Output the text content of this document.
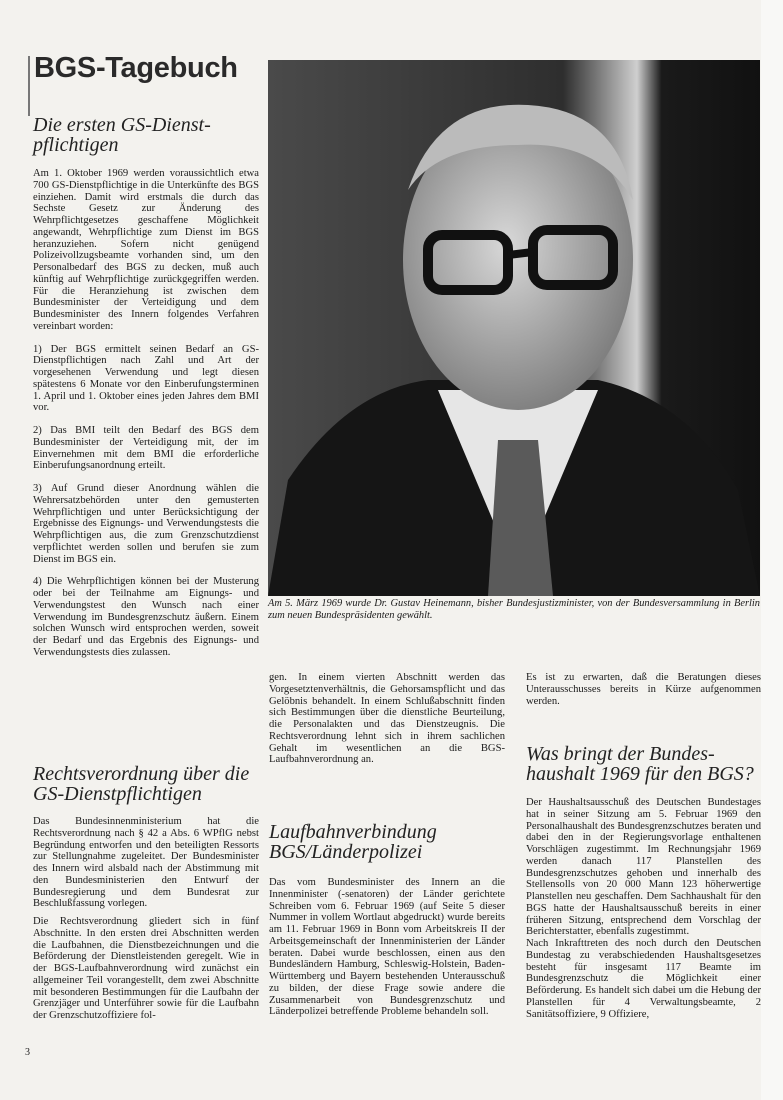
BGS-Tagebuch
Die ersten GS-Dienst-pflichtigen

Am 1. Oktober 1969 werden voraussichtlich etwa 700 GS-Dienstpflichtige in die Unterkünfte des BGS einziehen. Damit wird erstmals die durch das Sechste Gesetz zur Änderung des Wehrpflichtgesetzes geschaffene Möglichkeit angewandt, Wehrpflichtige zum Dienst im BGS heranzuziehen. Sofern nicht genügend Polizeivollzugsbeamte vorhanden sind, um den Personalbedarf des BGS zu decken, muß auch künftig auf Wehrpflichtige zurückgegriffen werden. Für die Heranziehung ist zwischen dem Bundesminister der Verteidigung und dem Bundesminister des Innern folgendes Verfahren vereinbart worden:

1) Der BGS ermittelt seinen Bedarf an GS-Dienstpflichtigen nach Zahl und Art der vorgesehenen Verwendung und legt diesen spätestens 6 Monate vor den Einberufungsterminen 1. April und 1. Oktober eines jeden Jahres dem BMI vor.

2) Das BMI teilt den Bedarf des BGS dem Bundesminister der Verteidigung mit, der im Einvernehmen mit dem BMI die erforderliche Einberufungsanordnung erteilt.

3) Auf Grund dieser Anordnung wählen die Wehrersatzbehörden unter den gemusterten Wehrpflichtigen und unter Berücksichtigung der Ergebnisse des Eignungs- und Verwendungstests die Wehrpflichtigen aus, die zum Grenzschutzdienst verpflichtet werden sollen und berufen sie zum Dienst im BGS ein.

4) Die Wehrpflichtigen können bei der Musterung oder bei der Teilnahme am Eignungs- und Verwendungstest den Wunsch nach einer Verwendung im Bundesgrenzschutz äußern. Einem solchen Wunsch wird entsprochen werden, soweit der Bedarf und das Ergebnis des Eignungs- und Verwendungstests dies zulassen.

Rechtsverordnung über die GS-Dienstpflichtigen

Das Bundesinnenministerium hat die Rechtsverordnung nach § 42 a Abs. 6 WPflG nebst Begründung entworfen und den beteiligten Ressorts zur Stellungnahme zugeleitet. Der Bundesminister des Innern wird alsbald nach der Abstimmung mit den Bundesministerien den Entwurf der Bundesregierung und dem Bundesrat zur Beschlußfassung vorlegen.

Die Rechtsverordnung gliedert sich in fünf Abschnitte. In den ersten drei Abschnitten werden die Laufbahnen, die Dienstbezeichnungen und die Beförderung der Dienstleistenden geregelt. Wie in der BGS-Laufbahnverordnung wird zunächst ein allgemeiner Teil vorangestellt, dem zwei Abschnitte mit besonderen Bestimmungen für die Laufbahn der Grenzjäger und Unterführer sowie für die Laufbahn der Grenzschutzoffiziere fol-

Am 5. März 1969 wurde Dr. Gustav Heinemann, bisher Bundesjustizminister, von der Bundesversammlung in Berlin zum neuen Bundespräsidenten gewählt.

gen. In einem vierten Abschnitt werden das Vorgesetztenverhältnis, die Gehorsamspflicht und das Gelöbnis behandelt. In einem Schlußabschnitt finden sich Bestimmungen über die dienstliche Beurteilung, die Personalakten und das Dienstzeugnis. Die Rechtsverordnung lehnt sich in ihrem sachlichen Gehalt im wesentlichen an die BGS-Laufbahnverordnung an.

Laufbahnverbindung BGS/Länderpolizei

Das vom Bundesminister des Innern an die Innenminister (-senatoren) der Länder gerichtete Schreiben vom 6. Februar 1969 (auf Seite 5 dieser Nummer in vollem Wortlaut abgedruckt) wurde bereits am 11. Februar 1969 in Bonn vom Arbeitskreis II der Arbeitsgemeinschaft der Innenministerien der Länder beraten. Dabei wurde beschlossen, einen aus den Bundesländern Hamburg, Schleswig-Holstein, Baden-Württemberg und Bayern bestehenden Unterausschuß zu bilden, der diese Frage sowie andere die Zusammenarbeit von Bundesgrenzschutz und Länderpolizei betreffende Probleme behandeln soll.

Es ist zu erwarten, daß die Beratungen dieses Unterausschusses bereits in Kürze aufgenommen werden.

Was bringt der Bundes-haushalt 1969 für den BGS?

Der Haushaltsausschuß des Deutschen Bundestages hat in seiner Sitzung am 5. Februar 1969 den Personalhaushalt des Bundesgrenzschutzes beraten und dabei den in der Regierungsvorlage enthaltenen Vorschlägen zugestimmt. Im Rechnungsjahr 1969 werden danach 117 Planstellen des Bundesgrenzschutzes gehoben und innerhalb des Stellensolls von 20 000 Mann 123 höherwertige Planstellen neu geschaffen. Dem Sachhaushalt für den BGS hatte der Haushaltsausschuß bereits in einer früheren Sitzung, entsprechend dem Vorschlag der Berichterstatter, ebenfalls zugestimmt.

Nach Inkrafttreten des noch durch den Deutschen Bundestag zu verabschiedenden Haushaltsgesetzes besteht für insgesamt 117 Beamte im Bundesgrenzschutz die Möglichkeit einer Beförderung. Es handelt sich dabei um die Hebung der Planstellen für 4 Verwaltungsbeamte, 2 Sanitätsoffiziere, 9 Offiziere,

3
